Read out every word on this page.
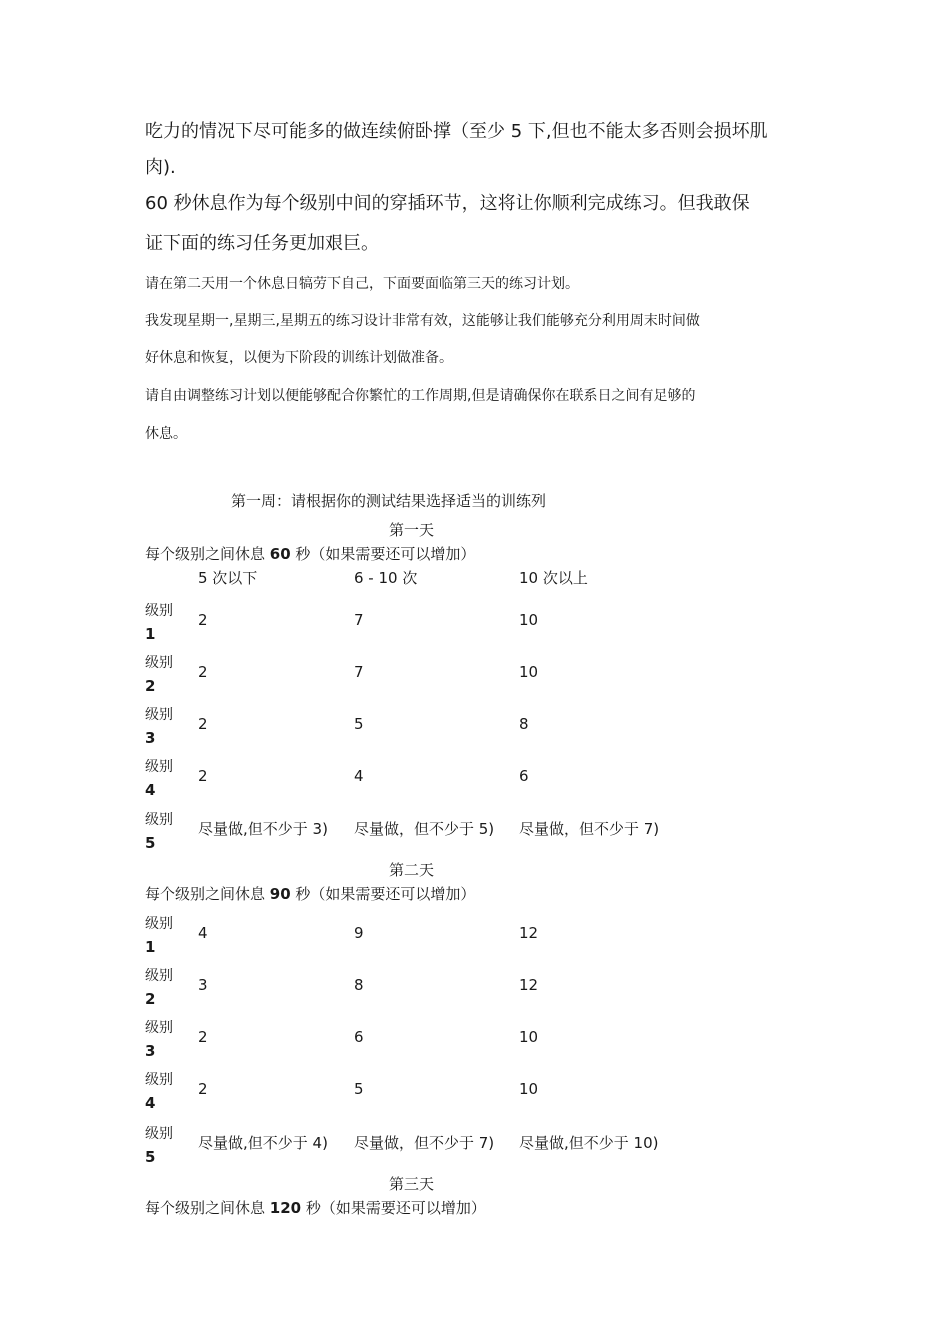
吃力的情况下尽可能多的做连续俯卧撑（至少 5 下,但也不能太多否则会损坏肌
肉).
60 秒休息作为每个级别中间的穿插环节，这将让你顺利完成练习。但我敢保
证下面的练习任务更加艰巨。
请在第二天用一个休息日犒劳下自己，下面要面临第三天的练习计划。
我发现星期一,星期三,星期五的练习设计非常有效，这能够让我们能够充分利用周末时间做
好休息和恢复，以便为下阶段的训练计划做准备。
请自由调整练习计划以便能够配合你繁忙的工作周期,但是请确保你在联系日之间有足够的
休息。
第一周：请根据你的测试结果选择适当的训练列
第一天
每个级别之间休息 60 秒（如果需要还可以增加）
5 次以下	6 - 10 次	10 次以上
级别
1
2	7	10
级别
2
2	7	10
级别
3
2	5	8
级别
4
2	4	6
级别
5
尽量做,但不少于 3) 尽量做，但不少于 5) 尽量做，但不少于 7)
第二天
每个级别之间休息 90 秒（如果需要还可以增加）
级别
1
4	9	12
级别
2
3	8	12
级别
3
2	6	10
级别
4
2	5	10
级别
5
尽量做,但不少于 4) 尽量做，但不少于 7) 尽量做,但不少于 10)
第三天
每个级别之间休息 120 秒（如果需要还可以增加）
